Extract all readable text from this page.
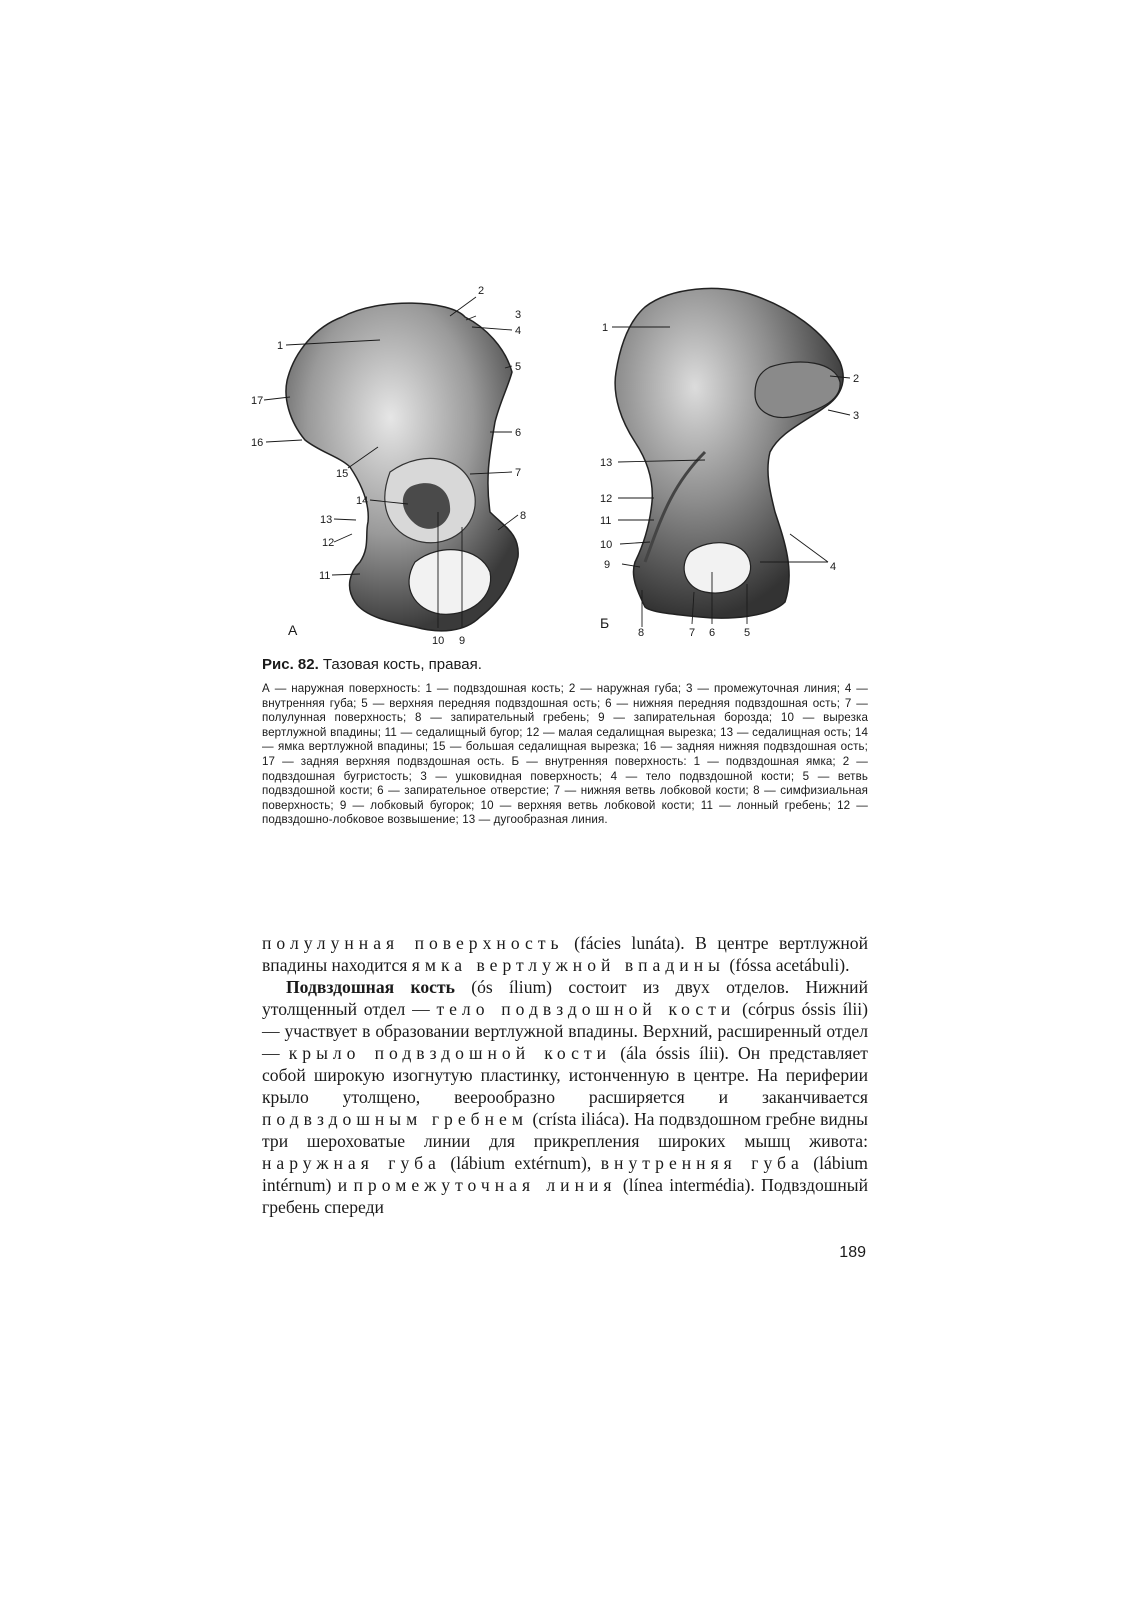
1
2
3
4
5
6
7
8
9
10
11
12
13
14
15
16
17
А
1
2
3
4
5
6
7
8
9
10
11
12
13
Б

Рис. 82. Тазовая кость, правая.

А — наружная поверхность: 1 — подвздошная кость; 2 — наружная губа; 3 — промежуточная линия; 4 — внутренняя губа; 5 — верхняя передняя подвздошная ость; 6 — нижняя передняя подвздошная ость; 7 — полулунная поверхность; 8 — запирательный гребень; 9 — запирательная борозда; 10 — вырезка вертлужной впадины; 11 — седалищный бугор; 12 — малая седалищная вырезка; 13 — седалищная ость; 14 — ямка вертлужной впадины; 15 — большая седалищная вырезка; 16 — задняя нижняя подвздошная ость; 17 — задняя верхняя подвздошная ость. Б — внутренняя поверхность: 1 — подвздошная ямка; 2 — подвздошная бугристость; 3 — ушковидная поверхность; 4 — тело подвздошной кости; 5 — ветвь подвздошной кости; 6 — запирательное отверстие; 7 — нижняя ветвь лобковой кости; 8 — симфизиальная поверхность; 9 — лобковый бугорок; 10 — верхняя ветвь лобковой кости; 11 — лонный гребень; 12 — подвздошно-лобковое возвышение; 13 — дугообразная линия.

полулунная поверхность (fácies lunáta). В центре вертлужной впадины находится ямка вертлужной впадины (fóssa acetábuli).

Подвздошная кость (ós ílium) состоит из двух отделов. Нижний утолщенный отдел — тело подвздошной кости (córpus óssis ílii) — участвует в образовании вертлужной впадины. Верхний, расширенный отдел — крыло подвздошной кости (ála óssis ílii). Он представляет собой широкую изогнутую пластинку, истонченную в центре. На периферии крыло утолщено, веерообразно расширяется и заканчивается подвздошным гребнем (crísta iliáca). На подвздошном гребне видны три шероховатые линии для прикрепления широких мышц живота: наружная губа (lábium extérnum), внутренняя губа (lábium intérnum) и промежуточная линия (línea intermédia). Подвздошный гребень спереди

189
